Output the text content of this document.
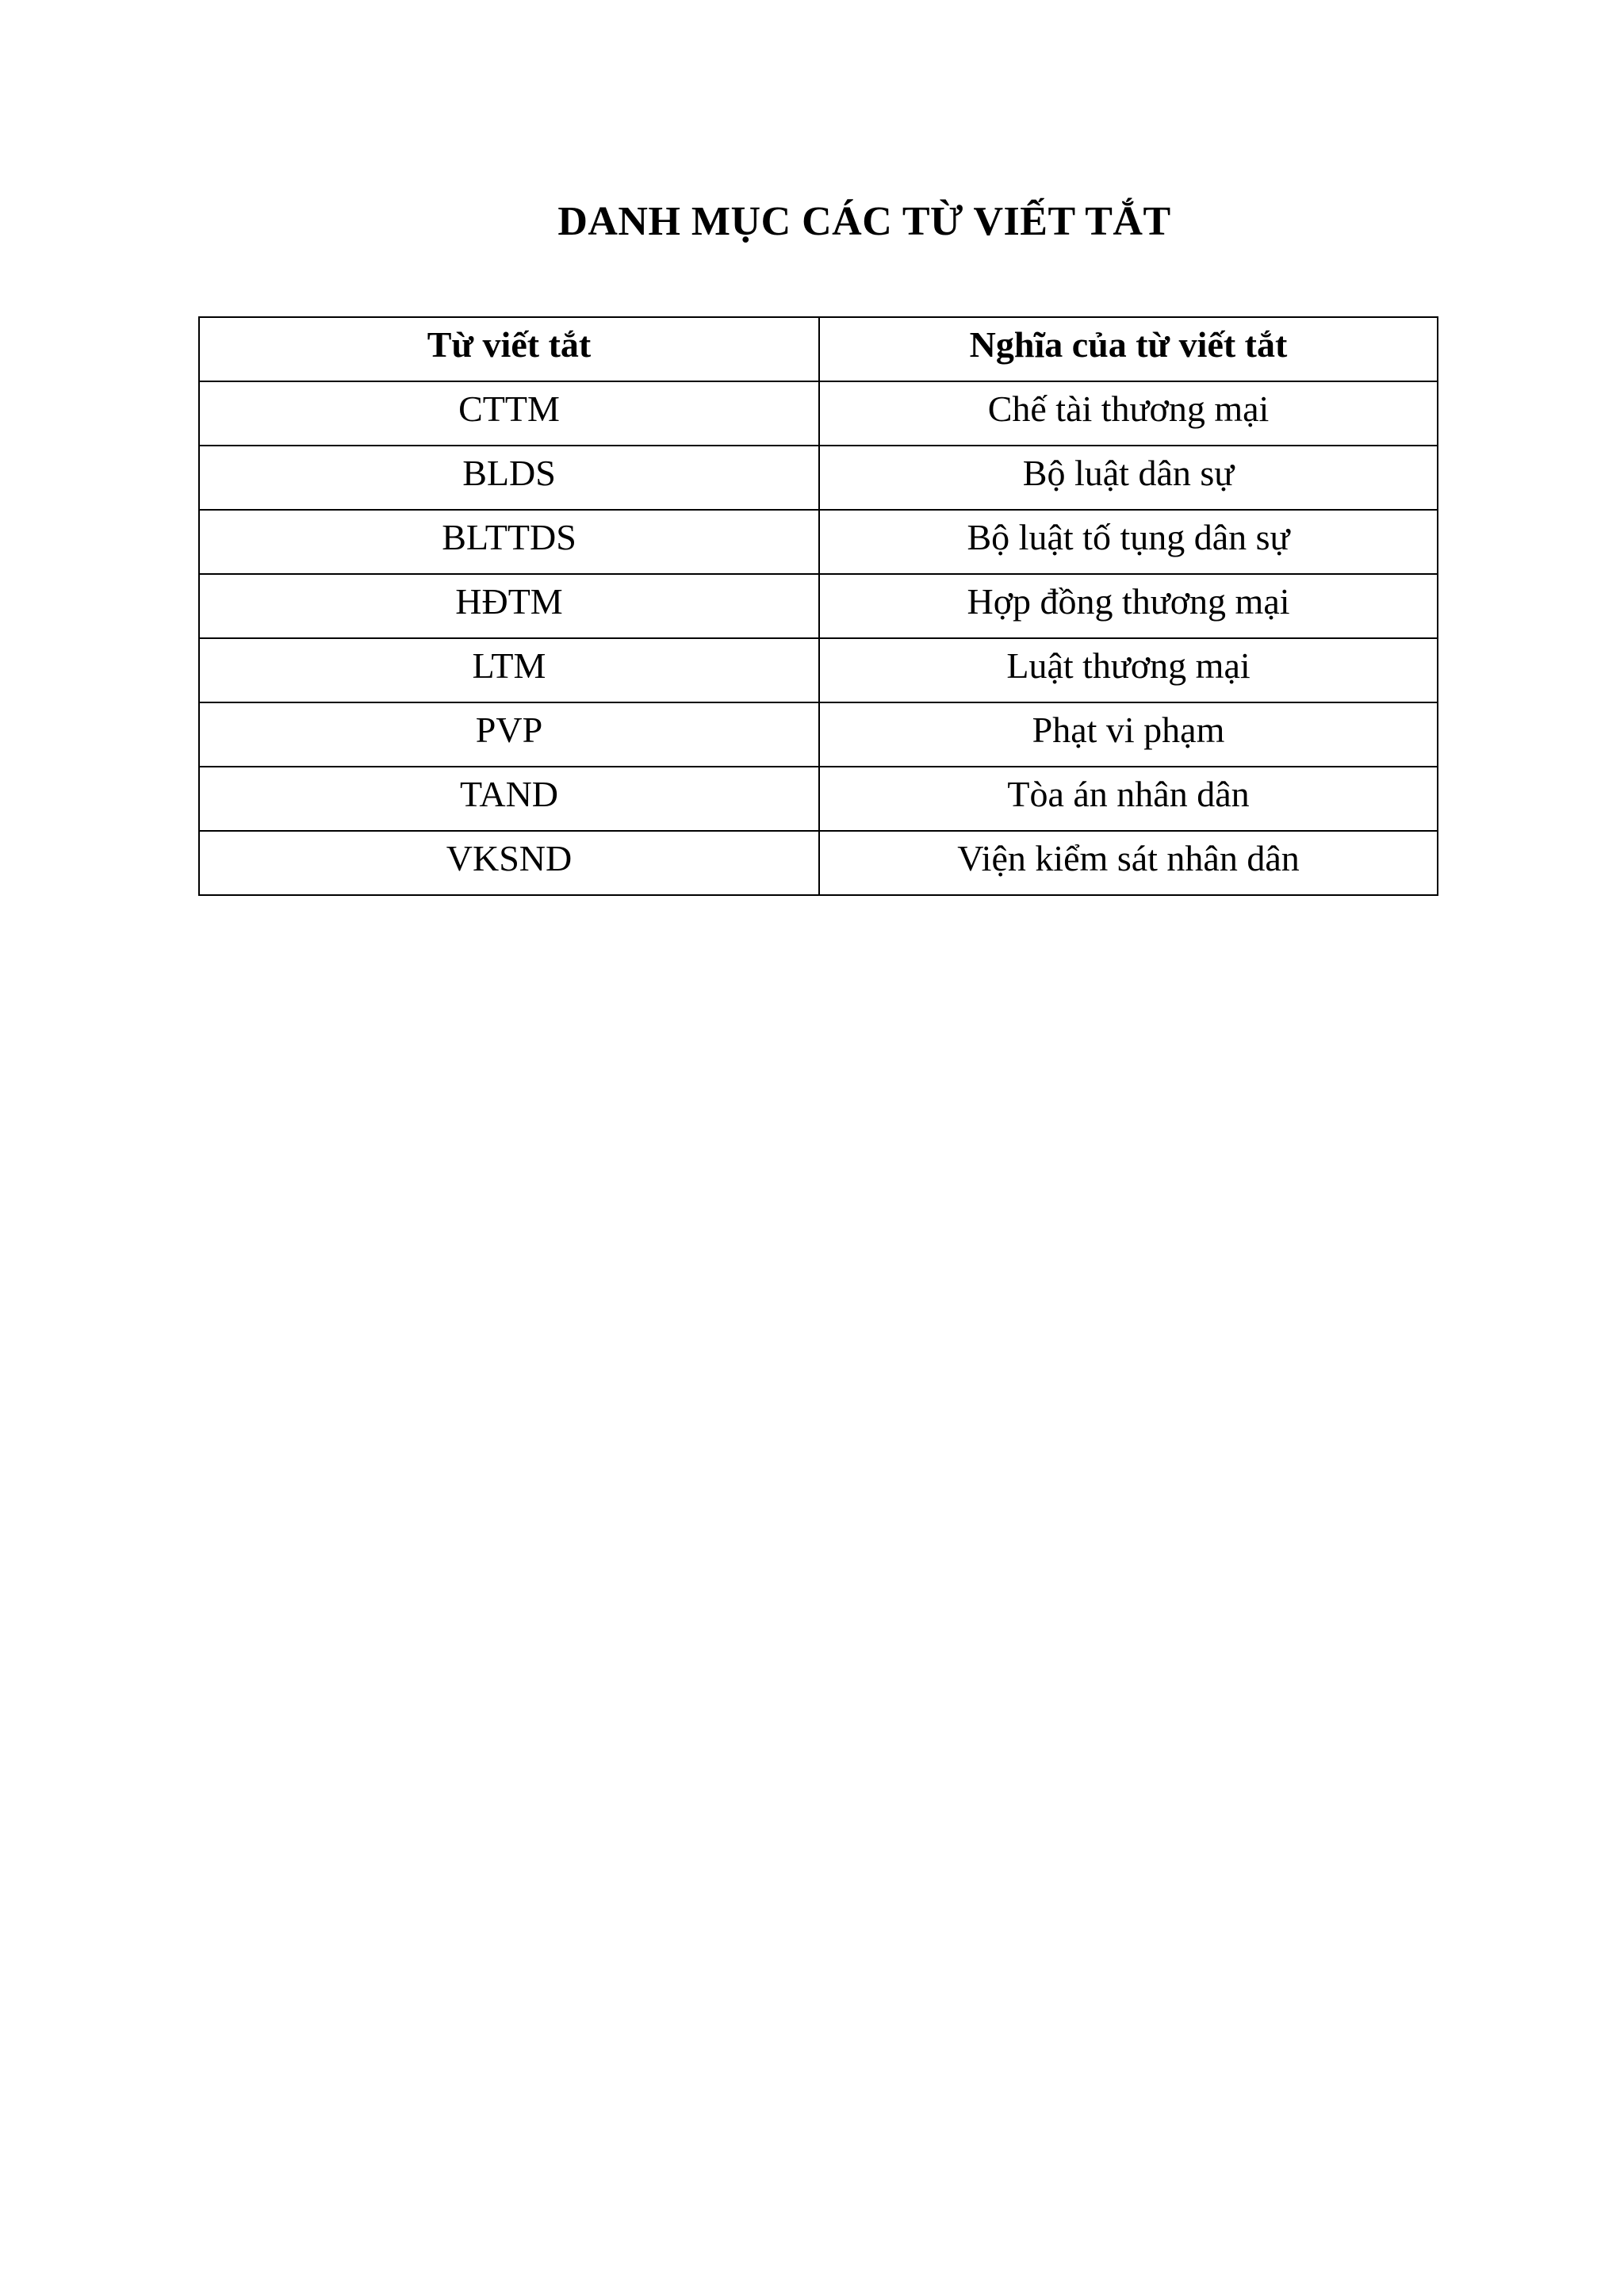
DANH MỤC CÁC TỪ VIẾT TẮT
Từ viết tắt	Nghĩa của từ viết tắt
CTTM	Chế tài thương mại
BLDS	Bộ luật dân sự
BLTTDS	Bộ luật tố tụng dân sự
HĐTM	Hợp đồng thương mại
LTM	Luật thương mại
PVP	Phạt vi phạm
TAND	Tòa án nhân dân
VKSND	Viện kiểm sát nhân dân
